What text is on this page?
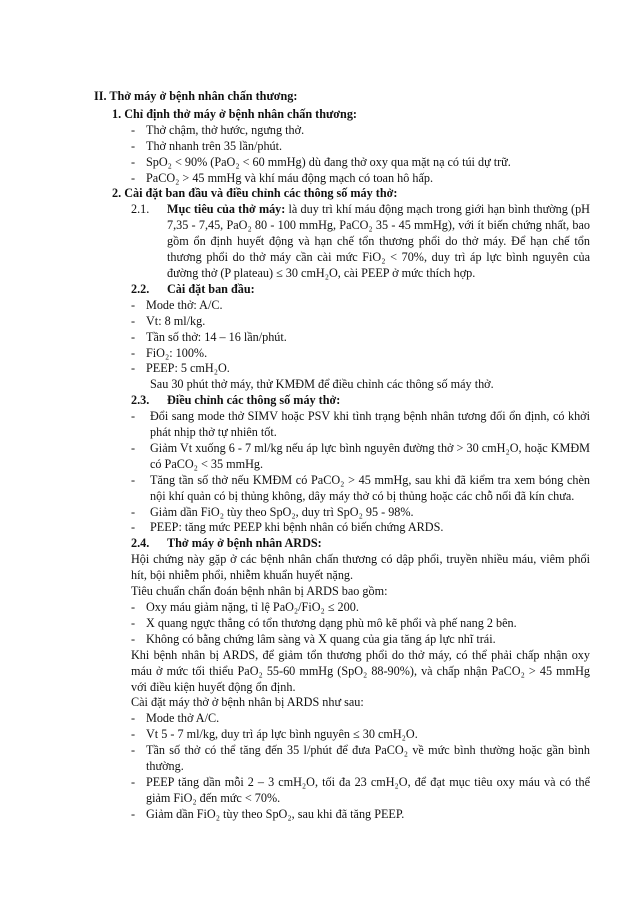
II. Thở máy ở bệnh nhân chấn thương:
1. Chỉ định thở máy ở bệnh nhân chấn thương:
- Thở chậm, thở hước, ngưng thở.
- Thở nhanh trên 35 lần/phút.
- SpO₂ < 90% (PaO₂ < 60 mmHg) dù đang thở oxy qua mặt nạ có túi dự trữ.
- PaCO₂ > 45 mmHg và khí máu động mạch có toan hô hấp.
2. Cài đặt ban đầu và điều chỉnh các thông số máy thở:
2.1. Mục tiêu của thở máy: là duy trì khí máu động mạch trong giới hạn bình thường (pH 7,35 - 7,45, PaO₂ 80 - 100 mmHg, PaCO₂ 35 - 45 mmHg), với ít biến chứng nhất, bao gồm ổn định huyết động và hạn chế tổn thương phổi do thở máy. Để hạn chế tổn thương phổi do thở máy cần cài mức FiO₂ < 70%, duy trì áp lực bình nguyên của đường thở (P plateau) ≤ 30 cmH₂O, cài PEEP ở mức thích hợp.
2.2. Cài đặt ban đầu:
- Mode thở: A/C.
- Vt: 8 ml/kg.
- Tần số thở: 14 – 16 lần/phút.
- FiO₂: 100%.
- PEEP: 5 cmH₂O.
Sau 30 phút thở máy, thử KMĐM để điều chỉnh các thông số máy thở.
2.3. Điều chỉnh các thông số máy thở:
- Đổi sang mode thở SIMV hoặc PSV khi tình trạng bệnh nhân tương đối ổn định, có khởi phát nhịp thở tự nhiên tốt.
- Giảm Vt xuống 6 - 7 ml/kg nếu áp lực bình nguyên đường thở > 30 cmH₂O, hoặc KMĐM có PaCO₂ < 35 mmHg.
- Tăng tần số thở nếu KMĐM có PaCO₂ > 45 mmHg, sau khi đã kiểm tra xem bóng chèn nội khí quản có bị thủng không, dây máy thở có bị thủng hoặc các chỗ nối đã kín chưa.
- Giảm dần FiO₂ tùy theo SpO₂, duy trì SpO₂ 95 - 98%.
- PEEP: tăng mức PEEP khi bệnh nhân có biến chứng ARDS.
2.4. Thở máy ở bệnh nhân ARDS:
Hội chứng này gặp ở các bệnh nhân chấn thương có dập phổi, truyền nhiều máu, viêm phổi hít, bội nhiễm phổi, nhiễm khuẩn huyết nặng.
Tiêu chuẩn chẩn đoán bệnh nhân bị ARDS bao gồm:
- Oxy máu giảm nặng, tỉ lệ PaO₂/FiO₂ ≤ 200.
- X quang ngực thẳng có tổn thương dạng phù mô kẽ phổi và phế nang 2 bên.
- Không có bằng chứng lâm sàng và X quang của gia tăng áp lực nhĩ trái.
Khi bệnh nhân bị ARDS, để giảm tổn thương phổi do thở máy, có thể phải chấp nhận oxy máu ở mức tối thiểu PaO₂ 55-60 mmHg (SpO₂ 88-90%), và chấp nhận PaCO₂ > 45 mmHg với điều kiện huyết động ổn định.
Cài đặt máy thở ở bệnh nhân bị ARDS như sau:
- Mode thở A/C.
- Vt 5 - 7 ml/kg, duy trì áp lực bình nguyên ≤ 30 cmH₂O.
- Tần số thở có thể tăng đến 35 l/phút để đưa PaCO₂ về mức bình thường hoặc gần bình thường.
- PEEP tăng dần mỗi 2 – 3 cmH₂O, tối đa 23 cmH₂O, để đạt mục tiêu oxy máu và có thể giảm FiO₂ đến mức < 70%.
- Giảm dần FiO₂ tùy theo SpO₂, sau khi đã tăng PEEP.
